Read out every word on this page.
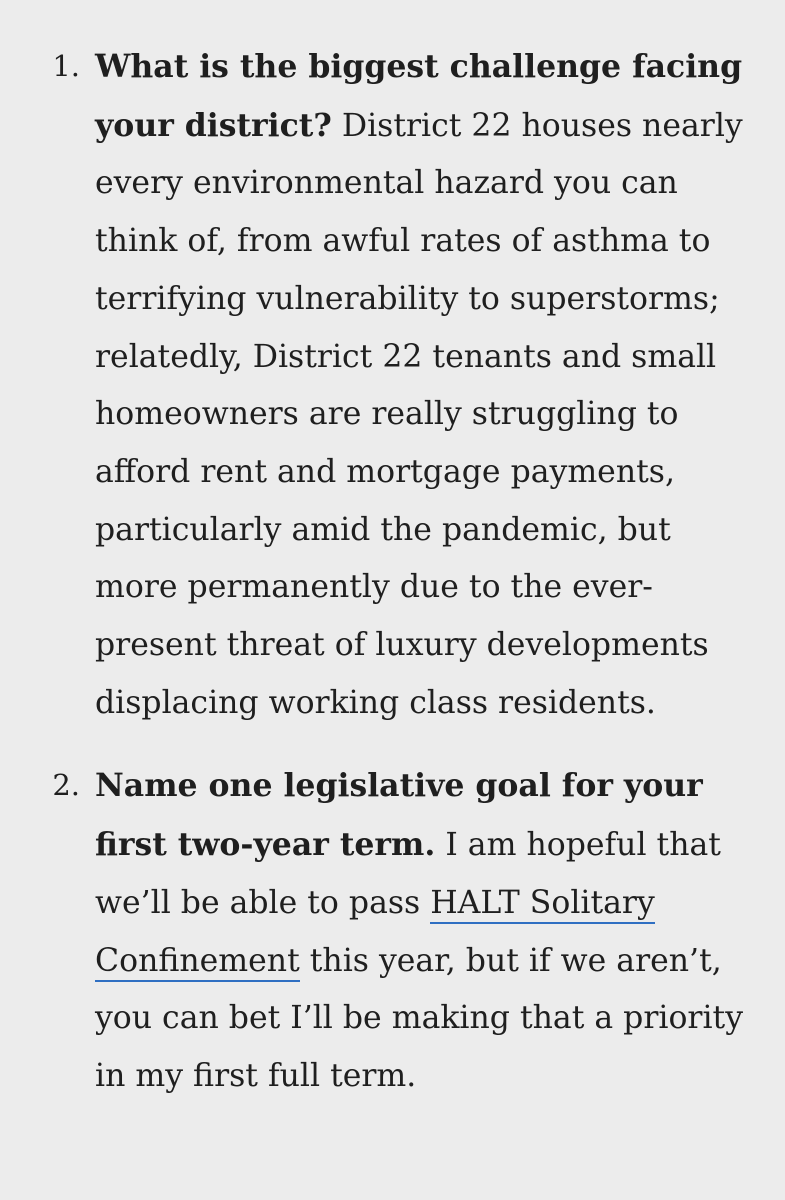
1. What is the biggest challenge facing your district? District 22 houses nearly every environmental hazard you can think of, from awful rates of asthma to terrifying vulnerability to superstorms; relatedly, District 22 tenants and small homeowners are really struggling to afford rent and mortgage payments, particularly amid the pandemic, but more permanently due to the ever-present threat of luxury developments displacing working class residents.
2. Name one legislative goal for your first two-year term. I am hopeful that we’ll be able to pass HALT Solitary Confinement this year, but if we aren’t, you can bet I’ll be making that a priority in my first full term.
